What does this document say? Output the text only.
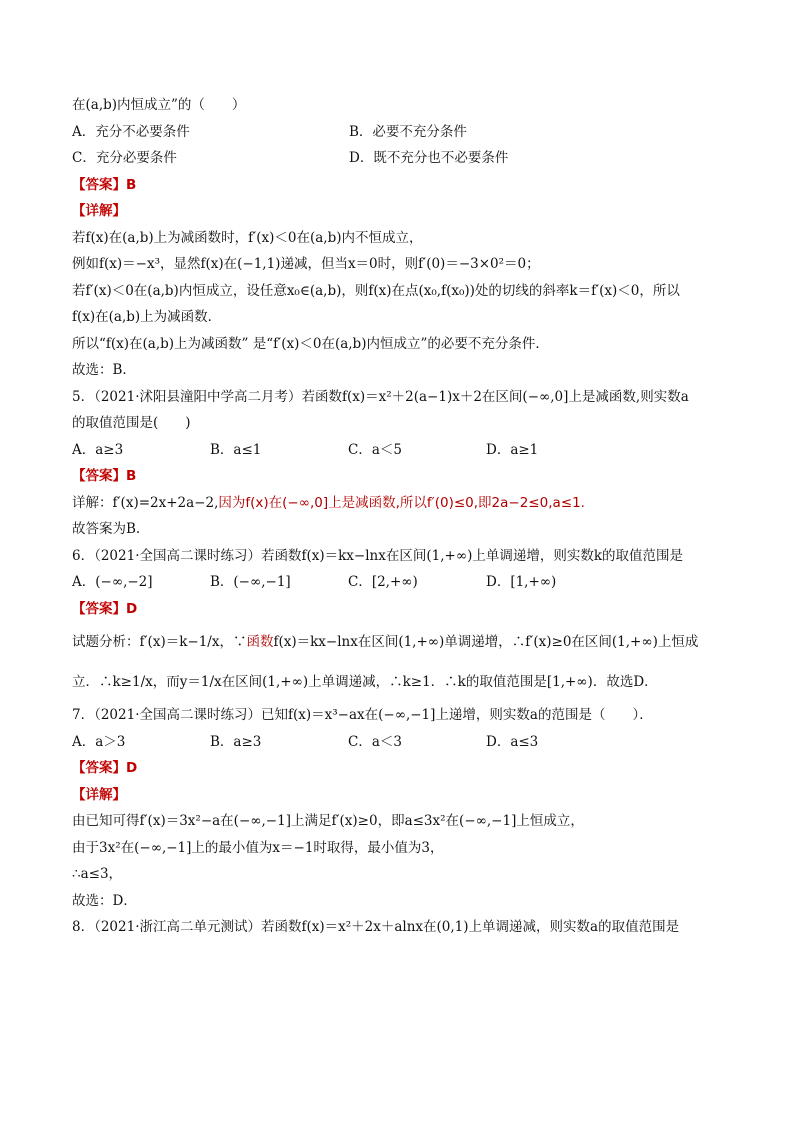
在(a,b)内恒成立”的（　　）
A．充分不必要条件	B．必要不充分条件
C．充分必要条件	D．既不充分也不必要条件
【答案】B
【详解】
若f(x)在(a,b)上为减函数时，f′(x)＜0在(a,b)内不恒成立，
例如f(x)＝−x³，显然f(x)在(−1,1)递减，但当x＝0时，则f′(0)＝−3×0²＝0；
若f′(x)＜0在(a,b)内恒成立，设任意x₀∈(a,b)，则f(x)在点(x₀,f(x₀))处的切线的斜率k＝f′(x)＜0，所以
f(x)在(a,b)上为减函数．
所以“f(x)在(a,b)上为减函数” 是“f′(x)＜0在(a,b)内恒成立”的必要不充分条件．
故选：B．
5．（2021·沭阳县潼阳中学高二月考）若函数f(x)＝x²＋2(a−1)x＋2在区间(−∞,0]上是减函数,则实数a
的取值范围是(　　)
A．a≥3	B．a≤1	C．a＜5	D．a≥1
【答案】B
详解：f′(x)=2x+2a−2,因为f(x)在(−∞,0]上是减函数,所以f′(0)≤0,即2a−2≤0,a≤1.
故答案为B.
6．（2021·全国高二课时练习）若函数f(x)＝kx−lnx在区间(1,+∞)上单调递增，则实数k的取值范围是
A．(−∞,−2]	B．(−∞,−1]	C．[2,+∞)	D．[1,+∞)
【答案】D
试题分析：f′(x)＝k−1/x，∵函数f(x)＝kx−lnx在区间(1,+∞)单调递增，∴f′(x)≥0在区间(1,+∞)上恒成
立．∴k≥1/x，而y＝1/x在区间(1,+∞)上单调递减，∴k≥1．∴k的取值范围是[1,+∞)．故选D．
7．（2021·全国高二课时练习）已知f(x)＝x³−ax在(−∞,−1]上递增，则实数a的范围是（　　）．
A．a＞3	B．a≥3	C．a＜3	D．a≤3
【答案】D
【详解】
由已知可得f′(x)＝3x²−a在(−∞,−1]上满足f′(x)≥0，即a≤3x²在(−∞,−1]上恒成立，
由于3x²在(−∞,−1]上的最小值为x＝−1时取得，最小值为3，
∴a≤3，
故选：D．
8．（2021·浙江高二单元测试）若函数f(x)＝x²＋2x＋alnx在(0,1)上单调递减，则实数a的取值范围是
